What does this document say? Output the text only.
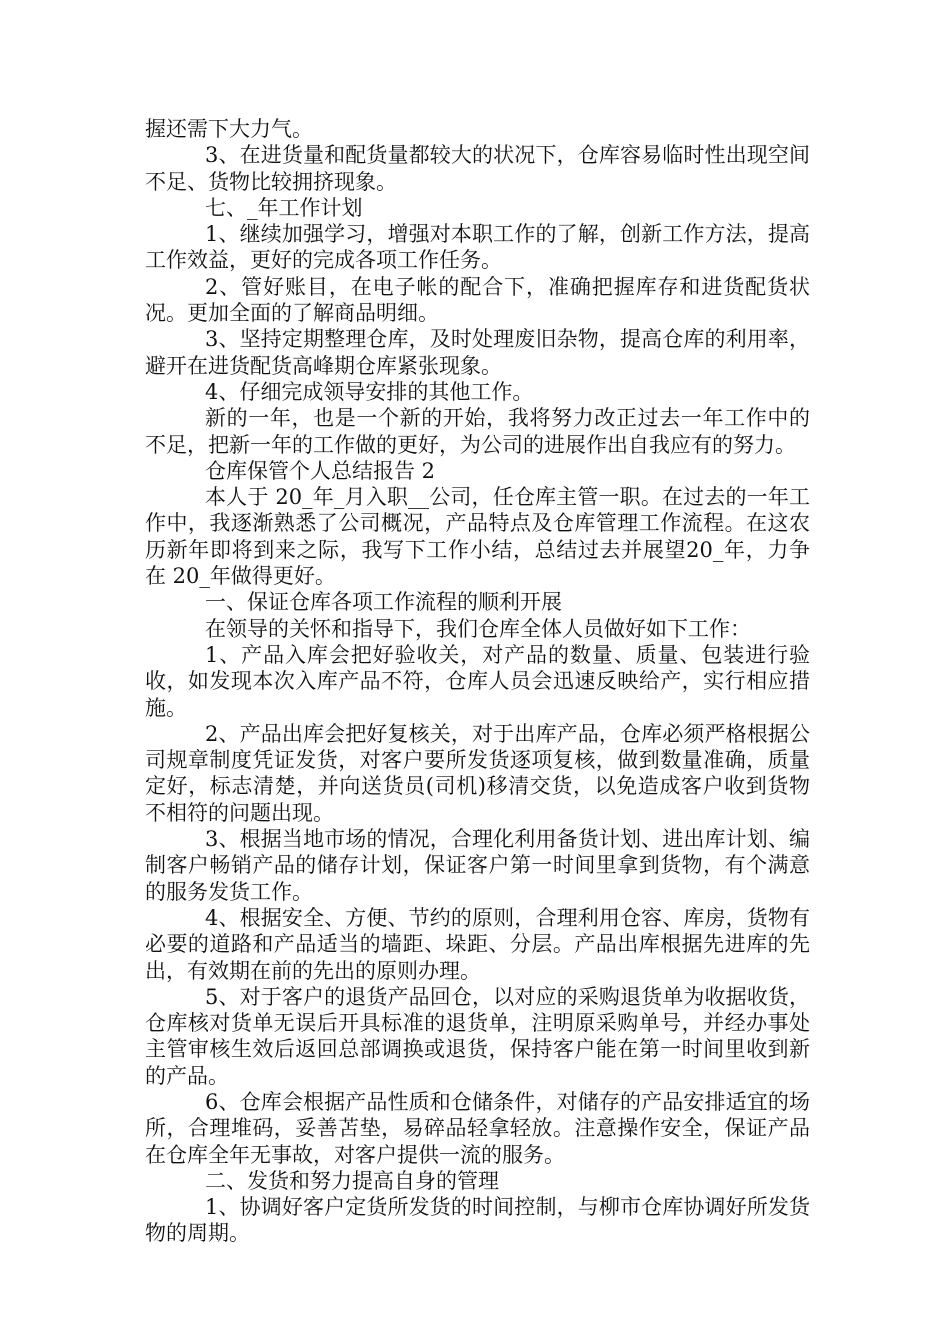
握还需下大力气。

3、在进货量和配货量都较大的状况下，仓库容易临时性出现空间不足、货物比较拥挤现象。

七、_年工作计划

1、继续加强学习，增强对本职工作的了解，创新工作方法，提高工作效益，更好的完成各项工作任务。

2、管好账目，在电子帐的配合下，准确把握库存和进货配货状况。更加全面的了解商品明细。

3、坚持定期整理仓库，及时处理废旧杂物，提高仓库的利用率，避开在进货配货高峰期仓库紧张现象。

4、仔细完成领导安排的其他工作。

新的一年，也是一个新的开始，我将努力改正过去一年工作中的不足，把新一年的工作做的更好，为公司的进展作出自我应有的努力。

仓库保管个人总结报告 2

本人于 20_年_月入职__公司，任仓库主管一职。在过去的一年工作中，我逐渐熟悉了公司概况，产品特点及仓库管理工作流程。在这农历新年即将到来之际，我写下工作小结，总结过去并展望20_年，力争在 20_年做得更好。

一、保证仓库各项工作流程的顺利开展

在领导的关怀和指导下，我们仓库全体人员做好如下工作：

1、产品入库会把好验收关，对产品的数量、质量、包装进行验收，如发现本次入库产品不符，仓库人员会迅速反映给产，实行相应措施。

2、产品出库会把好复核关，对于出库产品，仓库必须严格根据公司规章制度凭证发货，对客户要所发货逐项复核，做到数量准确，质量定好，标志清楚，并向送货员(司机)移清交货，以免造成客户收到货物不相符的问题出现。

3、根据当地市场的情况，合理化利用备货计划、进出库计划、编制客户畅销产品的储存计划，保证客户第一时间里拿到货物，有个满意的服务发货工作。

4、根据安全、方便、节约的原则，合理利用仓容、库房，货物有必要的道路和产品适当的墙距、垛距、分层。产品出库根据先进库的先出，有效期在前的先出的原则办理。

5、对于客户的退货产品回仓，以对应的采购退货单为收据收货，仓库核对货单无误后开具标准的退货单，注明原采购单号，并经办事处主管审核生效后返回总部调换或退货，保持客户能在第一时间里收到新的产品。

6、仓库会根据产品性质和仓储条件，对储存的产品安排适宜的场所，合理堆码，妥善苫垫，易碎品轻拿轻放。注意操作安全，保证产品在仓库全年无事故，对客户提供一流的服务。

二、发货和努力提高自身的管理

1、协调好客户定货所发货的时间控制，与柳市仓库协调好所发货物的周期。
